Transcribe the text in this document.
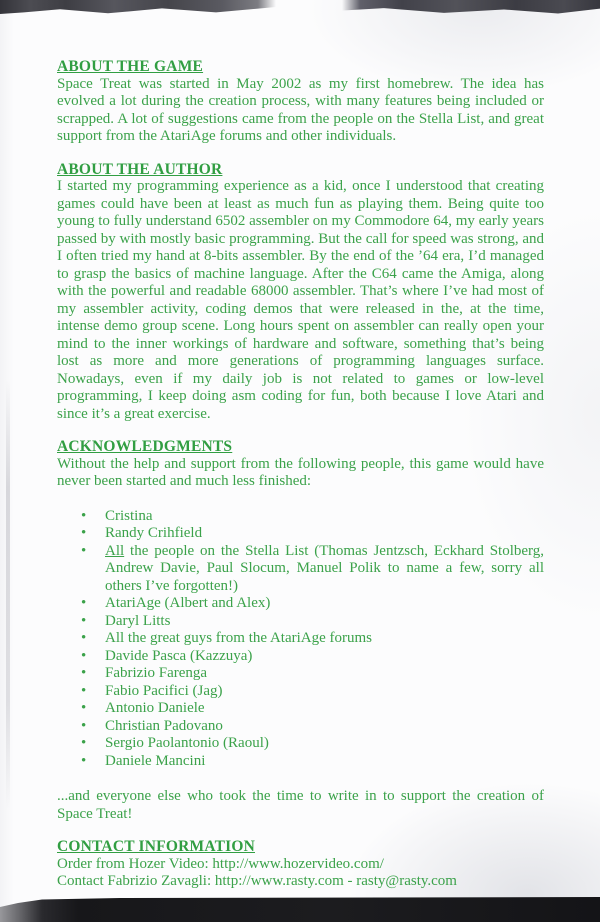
ABOUT THE GAME

Space Treat was started in May 2002 as my first homebrew. The idea has evolved a lot during the creation process, with many features being included or scrapped. A lot of suggestions came from the people on the Stella List, and great support from the AtariAge forums and other individuals.

ABOUT THE AUTHOR

I started my programming experience as a kid, once I understood that creating games could have been at least as much fun as playing them. Being quite too young to fully understand 6502 assembler on my Commodore 64, my early years passed by with mostly basic programming. But the call for speed was strong, and I often tried my hand at 8-bits assembler. By the end of the ’64 era, I’d managed to grasp the basics of machine language. After the C64 came the Amiga, along with the powerful and readable 68000 assembler. That’s where I’ve had most of my assembler activity, coding demos that were released in the, at the time, intense demo group scene. Long hours spent on assembler can really open your mind to the inner workings of hardware and software, something that’s being lost as more and more generations of programming languages surface. Nowadays, even if my daily job is not related to games or low-level programming, I keep doing asm coding for fun, both because I love Atari and since it’s a great exercise.

ACKNOWLEDGMENTS

Without the help and support from the following people, this game would have never been started and much less finished:

• Cristina
• Randy Crihfield
• All the people on the Stella List (Thomas Jentzsch, Eckhard Stolberg, Andrew Davie, Paul Slocum, Manuel Polik to name a few, sorry all others I’ve forgotten!)
• AtariAge (Albert and Alex)
• Daryl Litts
• All the great guys from the AtariAge forums
• Davide Pasca (Kazzuya)
• Fabrizio Farenga
• Fabio Pacifici (Jag)
• Antonio Daniele
• Christian Padovano
• Sergio Paolantonio (Raoul)
• Daniele Mancini

...and everyone else who took the time to write in to support the creation of Space Treat!

CONTACT INFORMATION

Order from Hozer Video: http://www.hozervideo.com/

Contact Fabrizio Zavagli: http://www.rasty.com - rasty@rasty.com
